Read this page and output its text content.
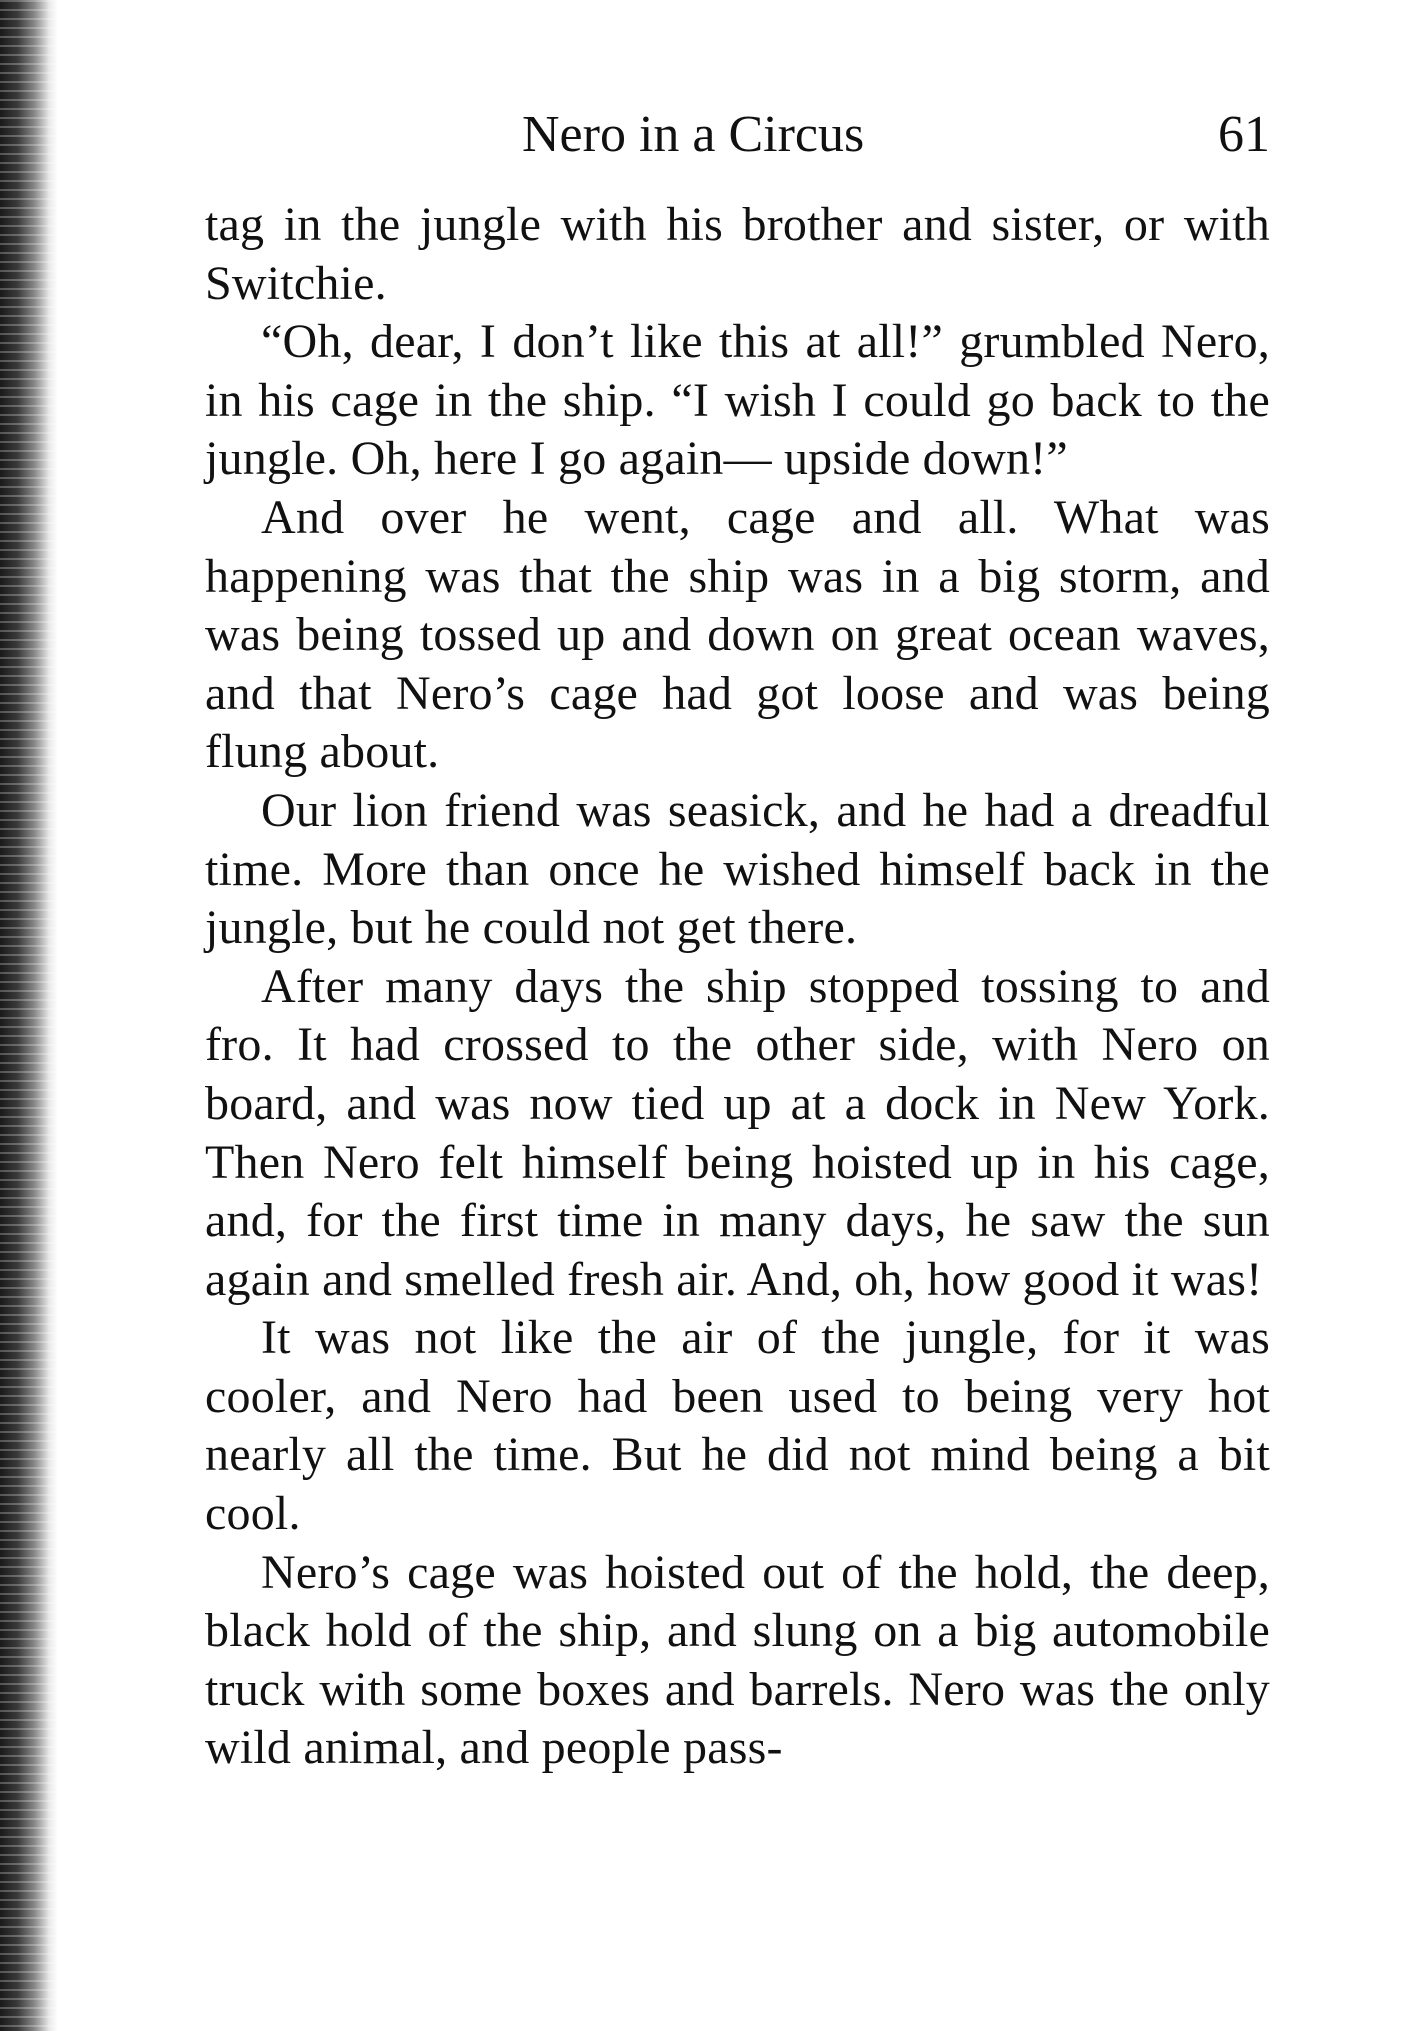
Nero in a Circus	61

tag in the jungle with his brother and sister, or with Switchie.

“Oh, dear, I don’t like this at all!” grumbled Nero, in his cage in the ship. “I wish I could go back to the jungle. Oh, here I go again— upside down!”

And over he went, cage and all. What was happening was that the ship was in a big storm, and was being tossed up and down on great ocean waves, and that Nero’s cage had got loose and was being flung about.

Our lion friend was seasick, and he had a dreadful time. More than once he wished himself back in the jungle, but he could not get there.

After many days the ship stopped tossing to and fro. It had crossed to the other side, with Nero on board, and was now tied up at a dock in New York. Then Nero felt himself being hoisted up in his cage, and, for the first time in many days, he saw the sun again and smelled fresh air. And, oh, how good it was!

It was not like the air of the jungle, for it was cooler, and Nero had been used to being very hot nearly all the time. But he did not mind being a bit cool.

Nero’s cage was hoisted out of the hold, the deep, black hold of the ship, and slung on a big automobile truck with some boxes and barrels. Nero was the only wild animal, and people pass-
